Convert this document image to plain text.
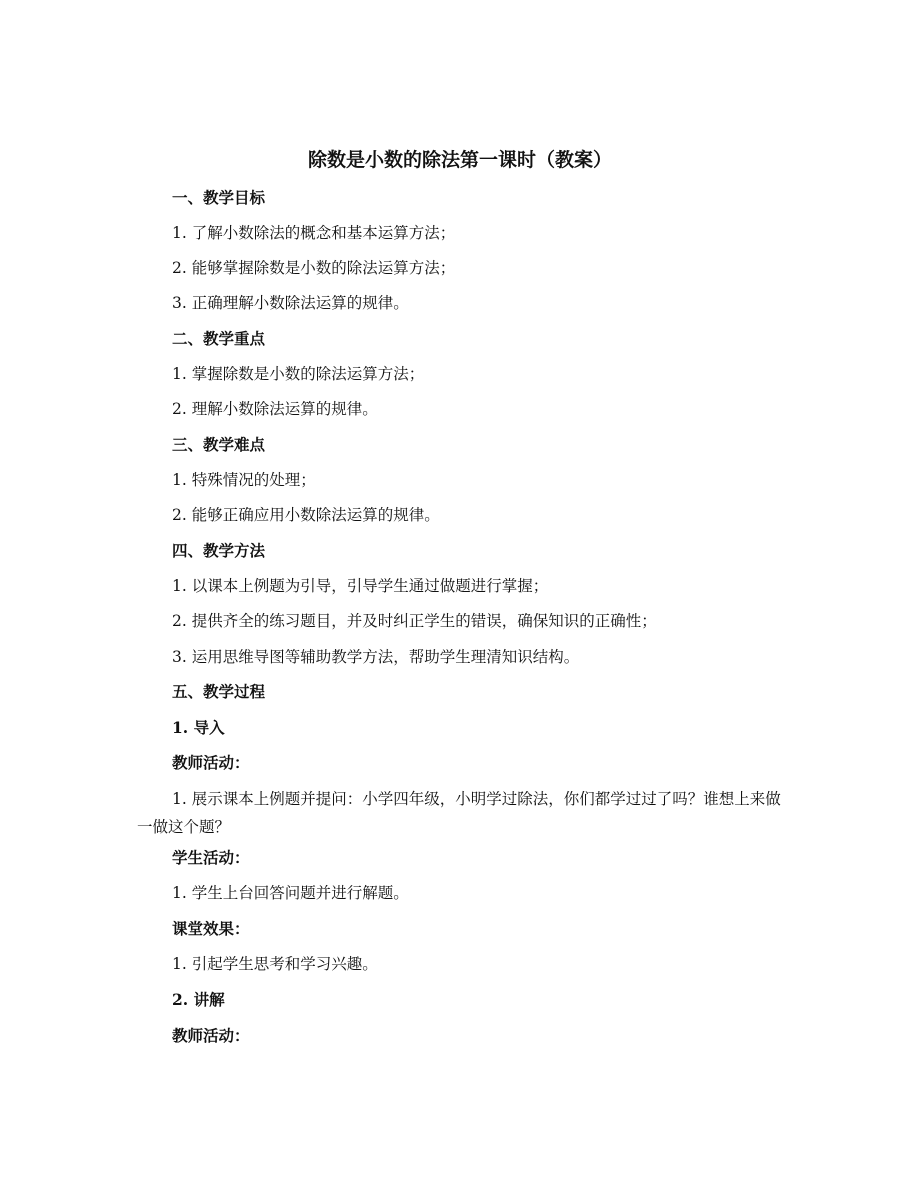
除数是小数的除法第一课时（教案）
一、教学目标
1. 了解小数除法的概念和基本运算方法；
2. 能够掌握除数是小数的除法运算方法；
3. 正确理解小数除法运算的规律。
二、教学重点
1. 掌握除数是小数的除法运算方法；
2. 理解小数除法运算的规律。
三、教学难点
1. 特殊情况的处理；
2. 能够正确应用小数除法运算的规律。
四、教学方法
1. 以课本上例题为引导，引导学生通过做题进行掌握；
2. 提供齐全的练习题目，并及时纠正学生的错误，确保知识的正确性；
3. 运用思维导图等辅助教学方法，帮助学生理清知识结构。
五、教学过程
1. 导入
教师活动：
1. 展示课本上例题并提问：小学四年级，小明学过除法，你们都学过过了吗？谁想上来做一做这个题？
学生活动：
1. 学生上台回答问题并进行解题。
课堂效果：
1. 引起学生思考和学习兴趣。
2. 讲解
教师活动：
